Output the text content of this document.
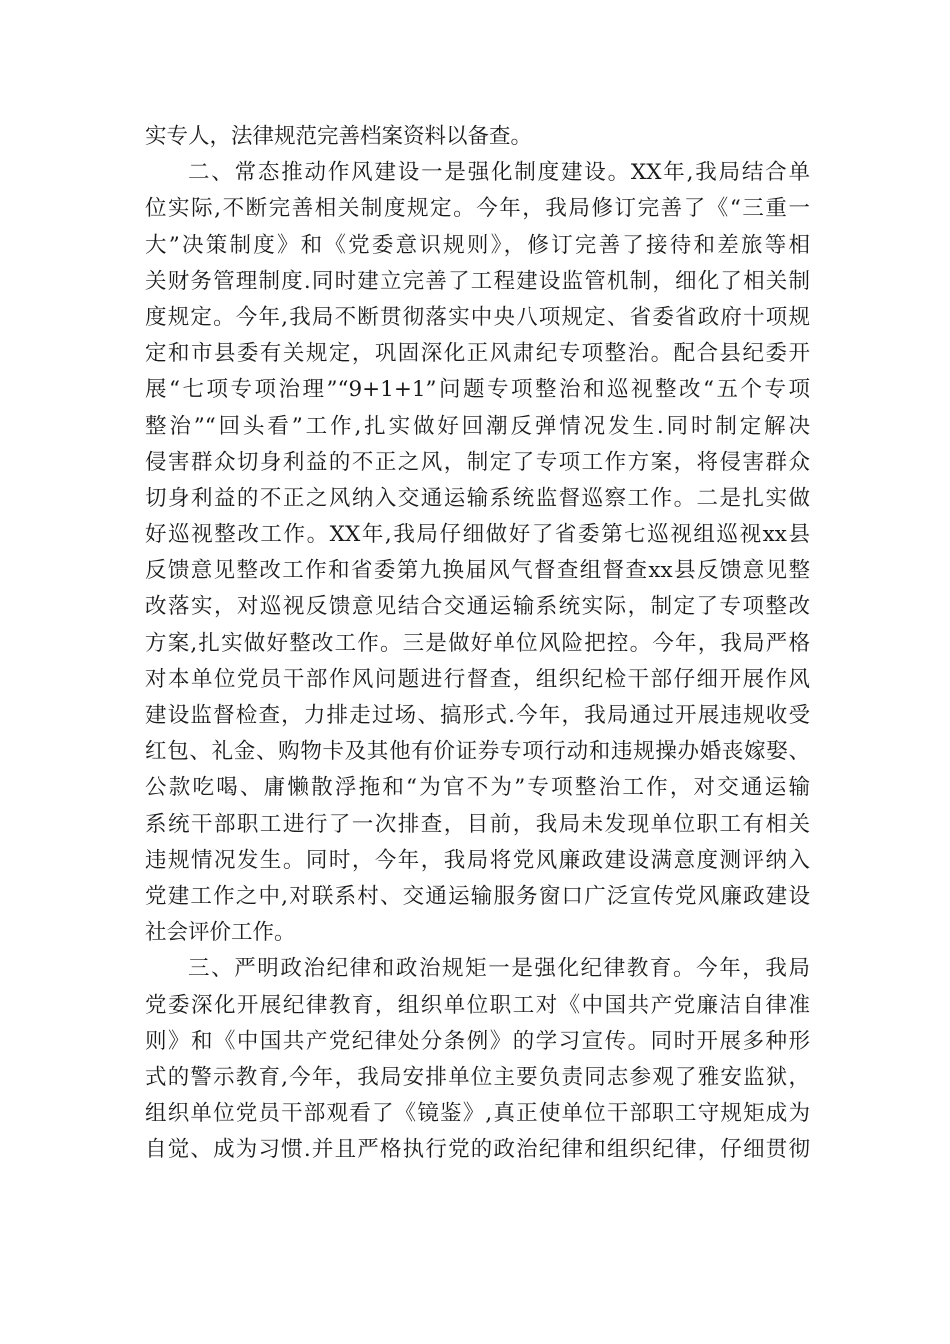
实专人，法律规范完善档案资料以备查。
二、常态推动作风建设一是强化制度建设。XX年,我局结合单
位实际,不断完善相关制度规定。今年，我局修订完善了《“三重一
大”决策制度》和《党委意识规则》，修订完善了接待和差旅等相
关财务管理制度.同时建立完善了工程建设监管机制，细化了相关制
度规定。今年,我局不断贯彻落实中央八项规定、省委省政府十项规
定和市县委有关规定，巩固深化正风肃纪专项整治。配合县纪委开
展“七项专项治理”“9+1+1”问题专项整治和巡视整改“五个专项
整治”“回头看”工作,扎实做好回潮反弹情况发生.同时制定解决
侵害群众切身利益的不正之风，制定了专项工作方案，将侵害群众
切身利益的不正之风纳入交通运输系统监督巡察工作。二是扎实做
好巡视整改工作。XX年,我局仔细做好了省委第七巡视组巡视xx县
反馈意见整改工作和省委第九换届风气督查组督查xx县反馈意见整
改落实，对巡视反馈意见结合交通运输系统实际，制定了专项整改
方案,扎实做好整改工作。三是做好单位风险把控。今年，我局严格
对本单位党员干部作风问题进行督查，组织纪检干部仔细开展作风
建设监督检查，力排走过场、搞形式.今年，我局通过开展违规收受
红包、礼金、购物卡及其他有价证券专项行动和违规操办婚丧嫁娶、
公款吃喝、庸懒散浮拖和“为官不为”专项整治工作，对交通运输
系统干部职工进行了一次排查，目前，我局未发现单位职工有相关
违规情况发生。同时，今年，我局将党风廉政建设满意度测评纳入
党建工作之中,对联系村、交通运输服务窗口广泛宣传党风廉政建设
社会评价工作。
三、严明政治纪律和政治规矩一是强化纪律教育。今年，我局
党委深化开展纪律教育，组织单位职工对《中国共产党廉洁自律准
则》和《中国共产党纪律处分条例》的学习宣传。同时开展多种形
式的警示教育,今年，我局安排单位主要负责同志参观了雅安监狱，
组织单位党员干部观看了《镜鉴》,真正使单位干部职工守规矩成为
自觉、成为习惯.并且严格执行党的政治纪律和组织纪律，仔细贯彻
